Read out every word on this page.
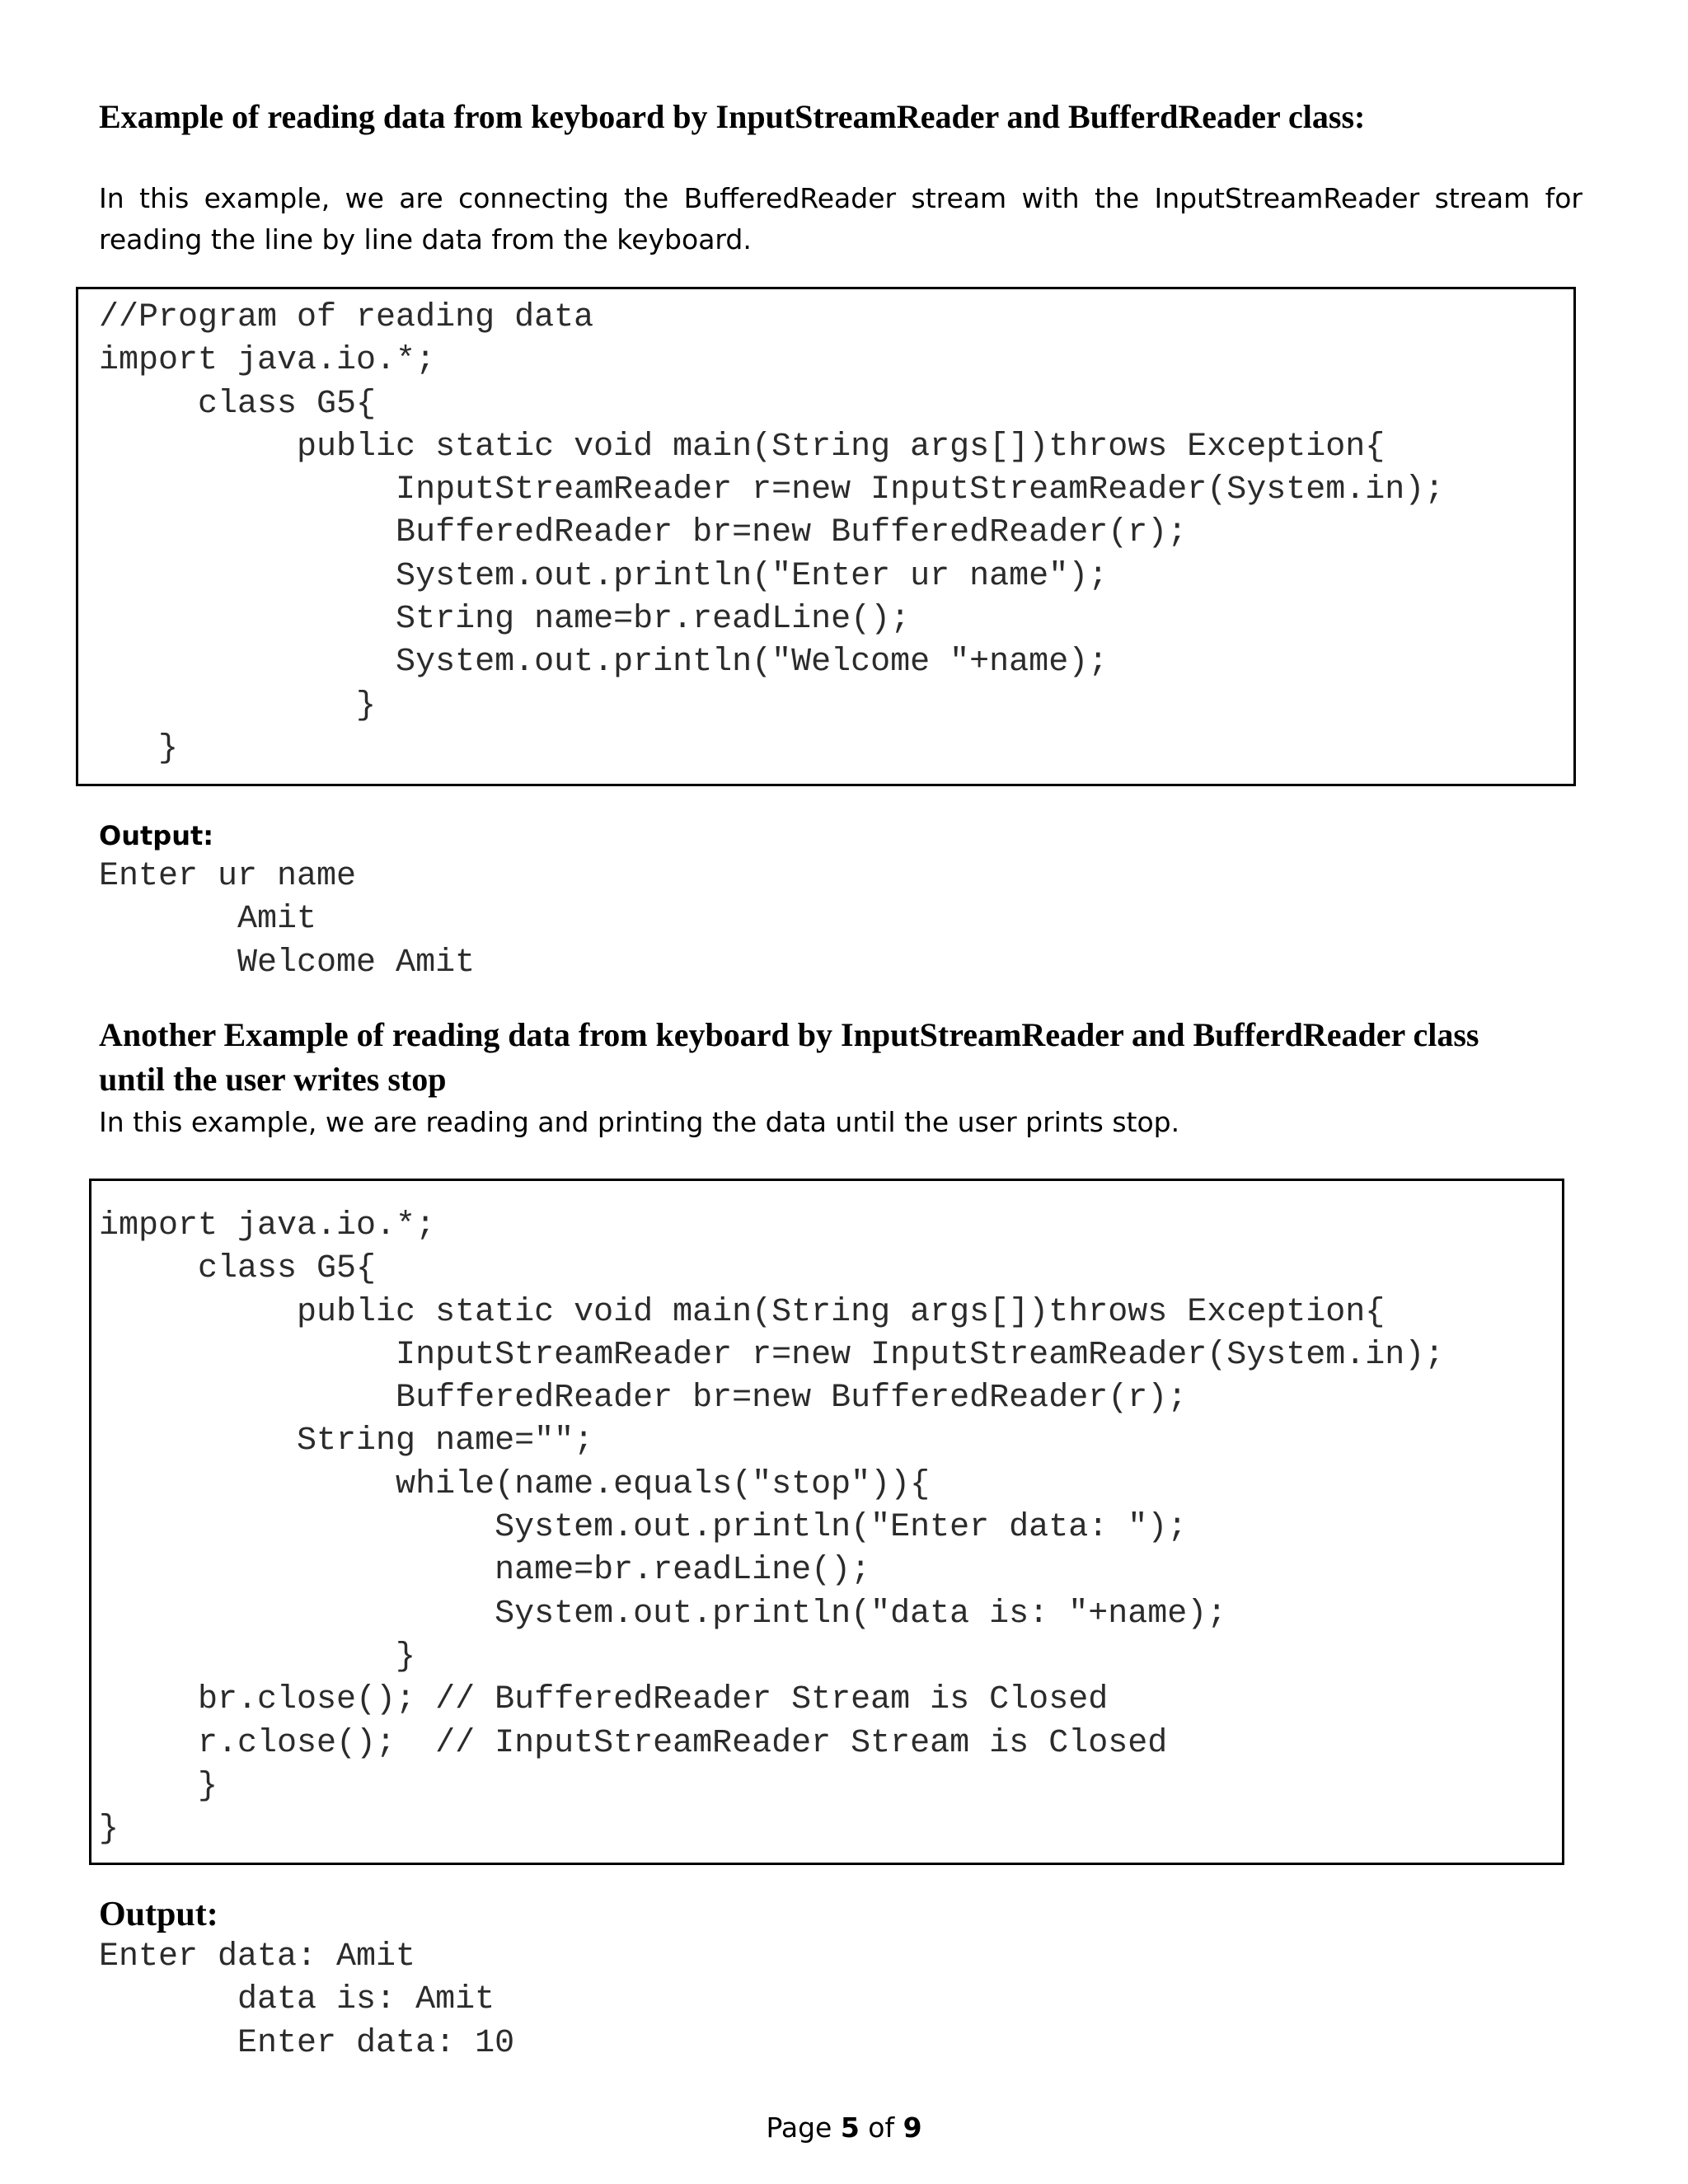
Example of reading data from keyboard by InputStreamReader and BufferdReader class:

In this example, we are connecting the BufferedReader stream with the InputStreamReader stream for reading the line by line data from the keyboard.

//Program of reading data
import java.io.*;
class G5{
public static void main(String args[])throws Exception{
InputStreamReader r=new InputStreamReader(System.in);
BufferedReader br=new BufferedReader(r);
System.out.println("Enter ur name");
String name=br.readLine();
System.out.println("Welcome "+name);
}
}

Output:

Enter ur name
Amit
Welcome Amit
Another Example of reading data from keyboard by InputStreamReader and BufferdReader class
until the user writes stop

In this example, we are reading and printing the data until the user prints stop.

import java.io.*;
class G5{
public static void main(String args[])throws Exception{
InputStreamReader r=new InputStreamReader(System.in);
BufferedReader br=new BufferedReader(r);
String name="";
while(name.equals("stop")){
System.out.println("Enter data: ");
name=br.readLine();
System.out.println("data is: "+name);
}
br.close(); // BufferedReader Stream is Closed
r.close();  // InputStreamReader Stream is Closed
}
}

Output:

Enter data: Amit
data is: Amit
Enter data: 10
Page 5 of 9
